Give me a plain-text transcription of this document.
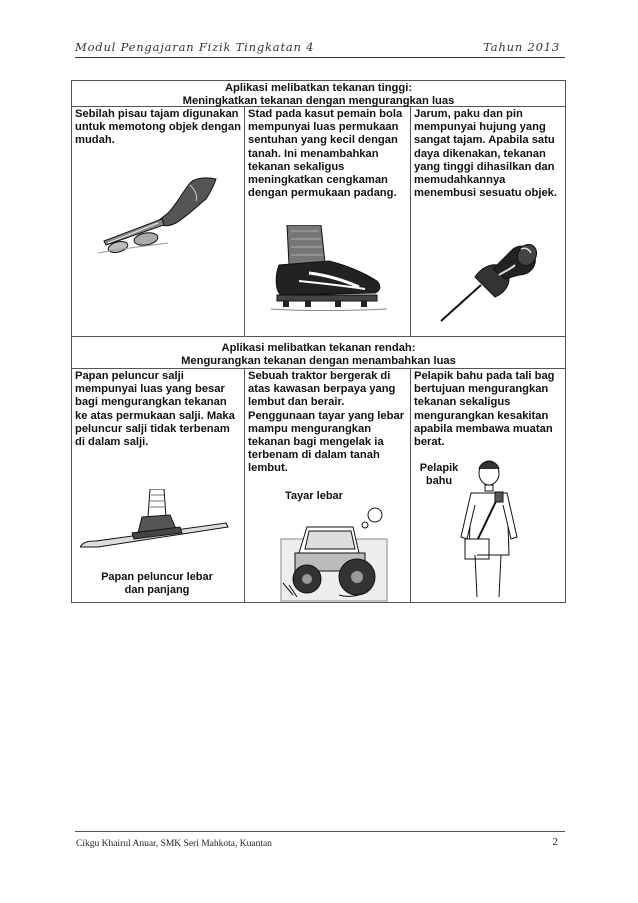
Modul Pengajaran Fizik Tingkatan 4	Tahun 2013
Aplikasi melibatkan tekanan tinggi:
Meningkatkan tekanan dengan mengurangkan luas
Sebilah pisau tajam digunakan untuk memotong objek dengan mudah.
Stad pada kasut pemain bola mempunyai luas permukaan sentuhan yang kecil dengan tanah. Ini menambahkan tekanan sekaligus meningkatkan cengkaman dengan permukaan padang.
Jarum, paku dan pin mempunyai hujung yang sangat tajam. Apabila satu daya dikenakan, tekanan yang tinggi dihasilkan dan memudahkannya menembusi sesuatu objek.
Aplikasi melibatkan tekanan rendah:
Mengurangkan tekanan dengan menambahkan luas
Papan peluncur salji mempunyai luas yang besar bagi mengurangkan tekanan ke atas permukaan salji. Maka peluncur salji tidak terbenam di dalam salji.
Papan peluncur lebar
dan panjang
Sebuah traktor bergerak di atas kawasan berpaya yang lembut dan berair. Penggunaan tayar yang lebar mampu mengurangkan tekanan bagi mengelak ia terbenam di dalam tanah lembut.
Tayar lebar
Pelapik bahu pada tali bag bertujuan mengurangkan tekanan sekaligus mengurangkan kesakitan apabila membawa muatan berat.
Pelapik
bahu
Cikgu Khairul Anuar, SMK Seri Mahkota, Kuantan	2
